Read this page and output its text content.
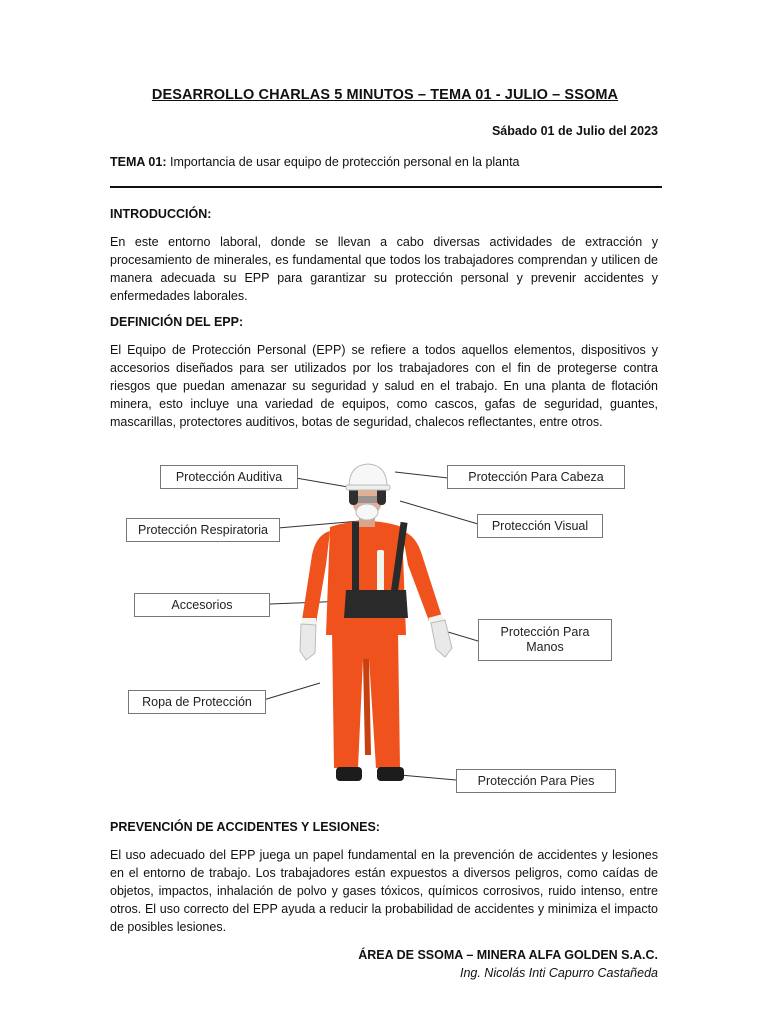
DESARROLLO CHARLAS 5 MINUTOS – TEMA 01 - JULIO – SSOMA
Sábado 01 de Julio del 2023
TEMA 01: Importancia de usar equipo de protección personal en la planta
INTRODUCCIÓN:

En este entorno laboral, donde se llevan a cabo diversas actividades de extracción y procesamiento de minerales, es fundamental que todos los trabajadores comprendan y utilicen de manera adecuada su EPP para garantizar su protección personal y prevenir accidentes y enfermedades laborales.

DEFINICIÓN DEL EPP:

El Equipo de Protección Personal (EPP) se refiere a todos aquellos elementos, dispositivos y accesorios diseñados para ser utilizados por los trabajadores con el fin de protegerse contra riesgos que puedan amenazar su seguridad y salud en el trabajo. En una planta de flotación minera, esto incluye una variedad de equipos, como cascos, gafas de seguridad, guantes, mascarillas, protectores auditivos, botas de seguridad, chalecos reflectantes, entre otros.

Protección Auditiva	Protección Para Cabeza
Protección Respiratoria	Protección Visual
Accesorios
Protección Para Manos
Ropa de Protección
Protección Para Pies
PREVENCIÓN DE ACCIDENTES Y LESIONES:

El uso adecuado del EPP juega un papel fundamental en la prevención de accidentes y lesiones en el entorno de trabajo. Los trabajadores están expuestos a diversos peligros, como caídas de objetos, impactos, inhalación de polvo y gases tóxicos, químicos corrosivos, ruido intenso, entre otros. El uso correcto del EPP ayuda a reducir la probabilidad de accidentes y minimiza el impacto de posibles lesiones.

ÁREA DE SSOMA – MINERA ALFA GOLDEN S.A.C.
Ing. Nicolás Inti Capurro Castañeda
